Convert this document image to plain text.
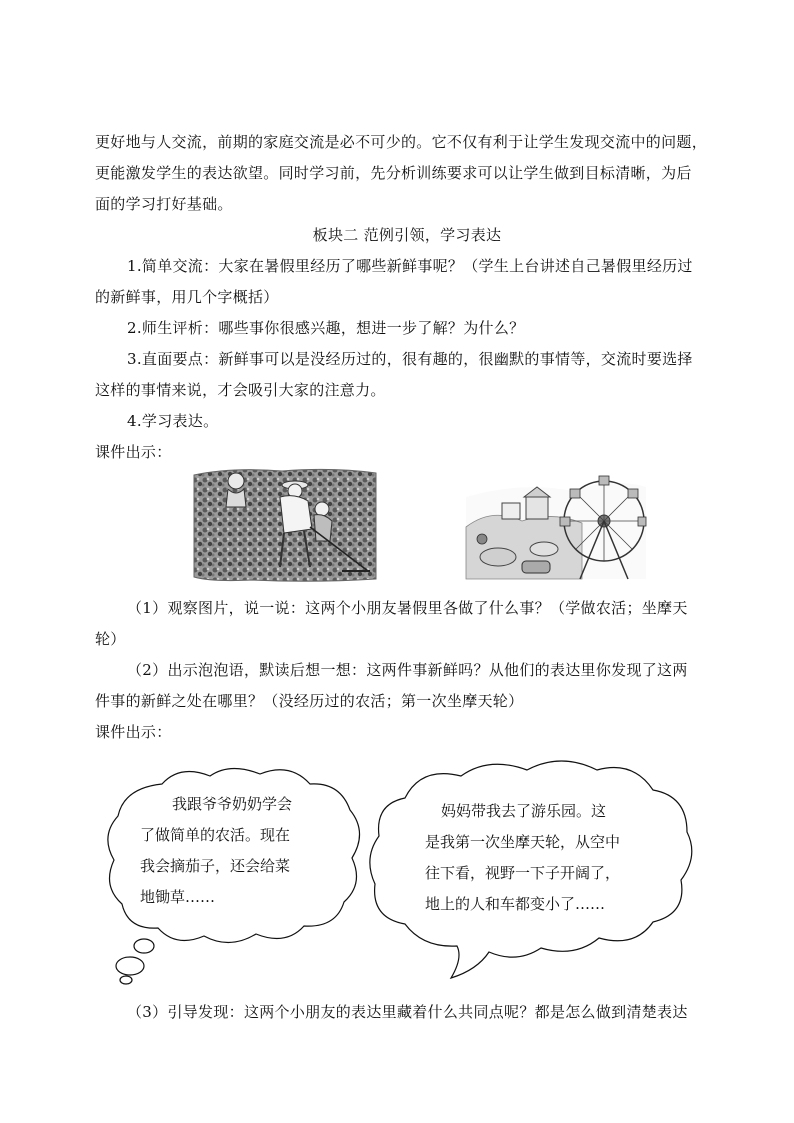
更好地与人交流，前期的家庭交流是必不可少的。它不仅有利于让学生发现交流中的问题，
更能激发学生的表达欲望。同时学习前，先分析训练要求可以让学生做到目标清晰，为后
面的学习打好基础。
板块二 范例引领，学习表达
1.简单交流：大家在暑假里经历了哪些新鲜事呢？（学生上台讲述自己暑假里经历过
的新鲜事，用几个字概括）
2.师生评析：哪些事你很感兴趣，想进一步了解？为什么？
3.直面要点：新鲜事可以是没经历过的，很有趣的，很幽默的事情等，交流时要选择
这样的事情来说，才会吸引大家的注意力。
4.学习表达。
课件出示：
（1）观察图片，说一说：这两个小朋友暑假里各做了什么事？（学做农活；坐摩天
轮）
（2）出示泡泡语，默读后想一想：这两件事新鲜吗？从他们的表达里你发现了这两
件事的新鲜之处在哪里？（没经历过的农活；第一次坐摩天轮）
课件出示：
我跟爷爷奶奶学会
了做简单的农活。现在
我会摘茄子，还会给菜
地锄草……
妈妈带我去了游乐园。这
是我第一次坐摩天轮，从空中
往下看，视野一下子开阔了，
地上的人和车都变小了……
（3）引导发现：这两个小朋友的表达里藏着什么共同点呢？都是怎么做到清楚表达
